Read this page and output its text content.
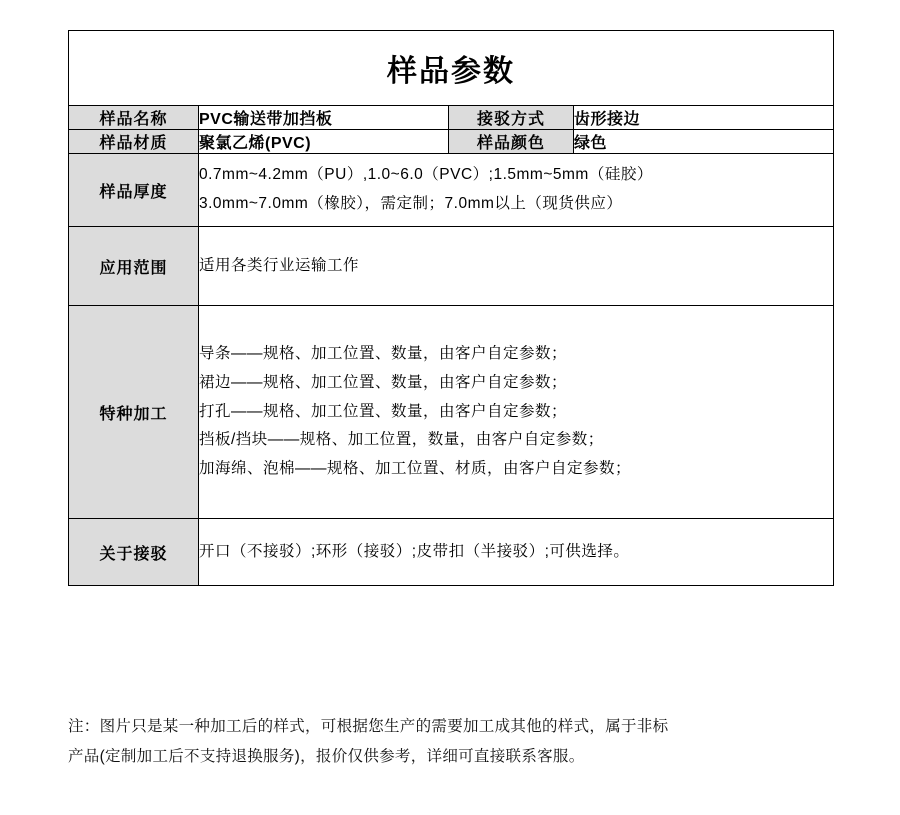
样品参数			
样品名称	PVC输送带加挡板	接驳方式	齿形接边
样品材质	聚氯乙烯(PVC)	样品颜色	绿色
样品厚度	0.7mm~4.2mm（PU）,1.0~6.0（PVC）;1.5mm~5mm（硅胶）
3.0mm~7.0mm（橡胶），需定制；7.0mm以上（现货供应）		

应用范围	适用各类行业运输工作		

特种加工	导条——规格、加工位置、数量，由客户自定参数；
裙边——规格、加工位置、数量，由客户自定参数；
打孔——规格、加工位置、数量，由客户自定参数；
挡板/挡块——规格、加工位置，数量，由客户自定参数；
加海绵、泡棉——规格、加工位置、材质，由客户自定参数；		

关于接驳	开口（不接驳）;环形（接驳）;皮带扣（半接驳）;可供选择。		
注：图片只是某一种加工后的样式，可根据您生产的需要加工成其他的样式，属于非标
产品(定制加工后不支持退换服务)，报价仅供参考，详细可直接联系客服。
